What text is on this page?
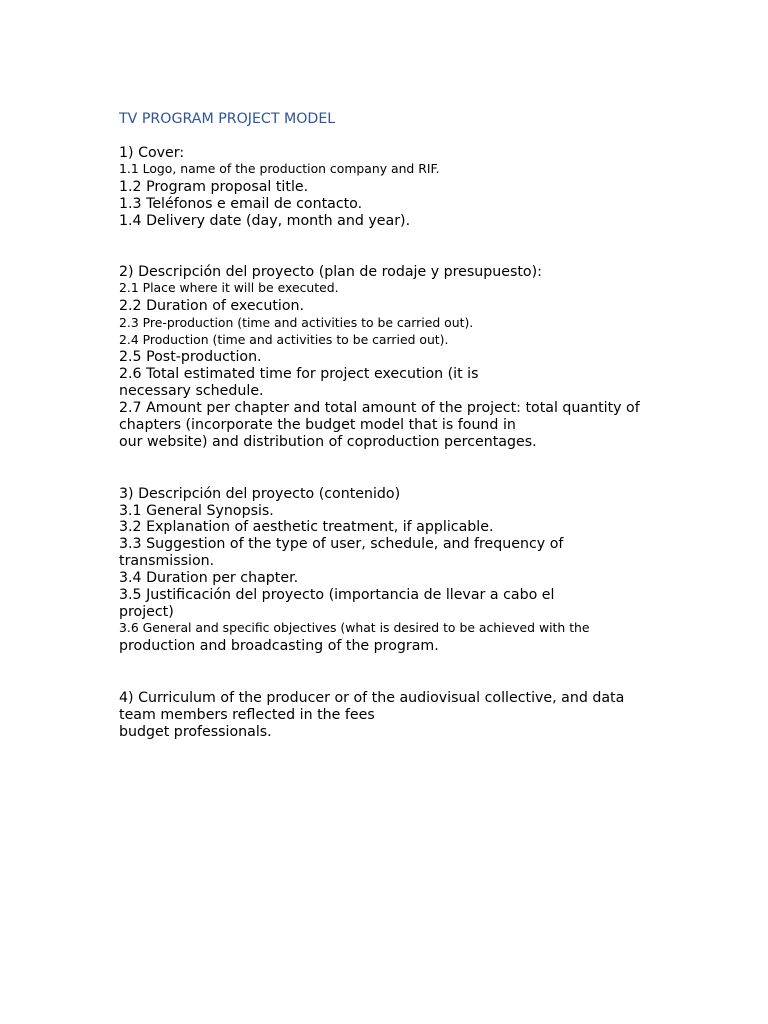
TV PROGRAM PROJECT MODEL
1) Cover:
1.1 Logo, name of the production company and RIF.
1.2 Program proposal title.
1.3 Teléfonos e email de contacto.
1.4 Delivery date (day, month and year).
2) Descripción del proyecto (plan de rodaje y presupuesto):
2.1 Place where it will be executed.
2.2 Duration of execution.
2.3 Pre-production (time and activities to be carried out).
2.4 Production (time and activities to be carried out).
2.5 Post-production.
2.6 Total estimated time for project execution (it is
necessary schedule.
2.7 Amount per chapter and total amount of the project: total quantity of
chapters (incorporate the budget model that is found in
our website) and distribution of coproduction percentages.
3) Descripción del proyecto (contenido)
3.1 General Synopsis.
3.2 Explanation of aesthetic treatment, if applicable.
3.3 Suggestion of the type of user, schedule, and frequency of
transmission.
3.4 Duration per chapter.
3.5 Justificación del proyecto (importancia de llevar a cabo el
project)
3.6 General and specific objectives (what is desired to be achieved with the
production and broadcasting of the program.
4) Curriculum of the producer or of the audiovisual collective, and data
team members reflected in the fees
budget professionals.
